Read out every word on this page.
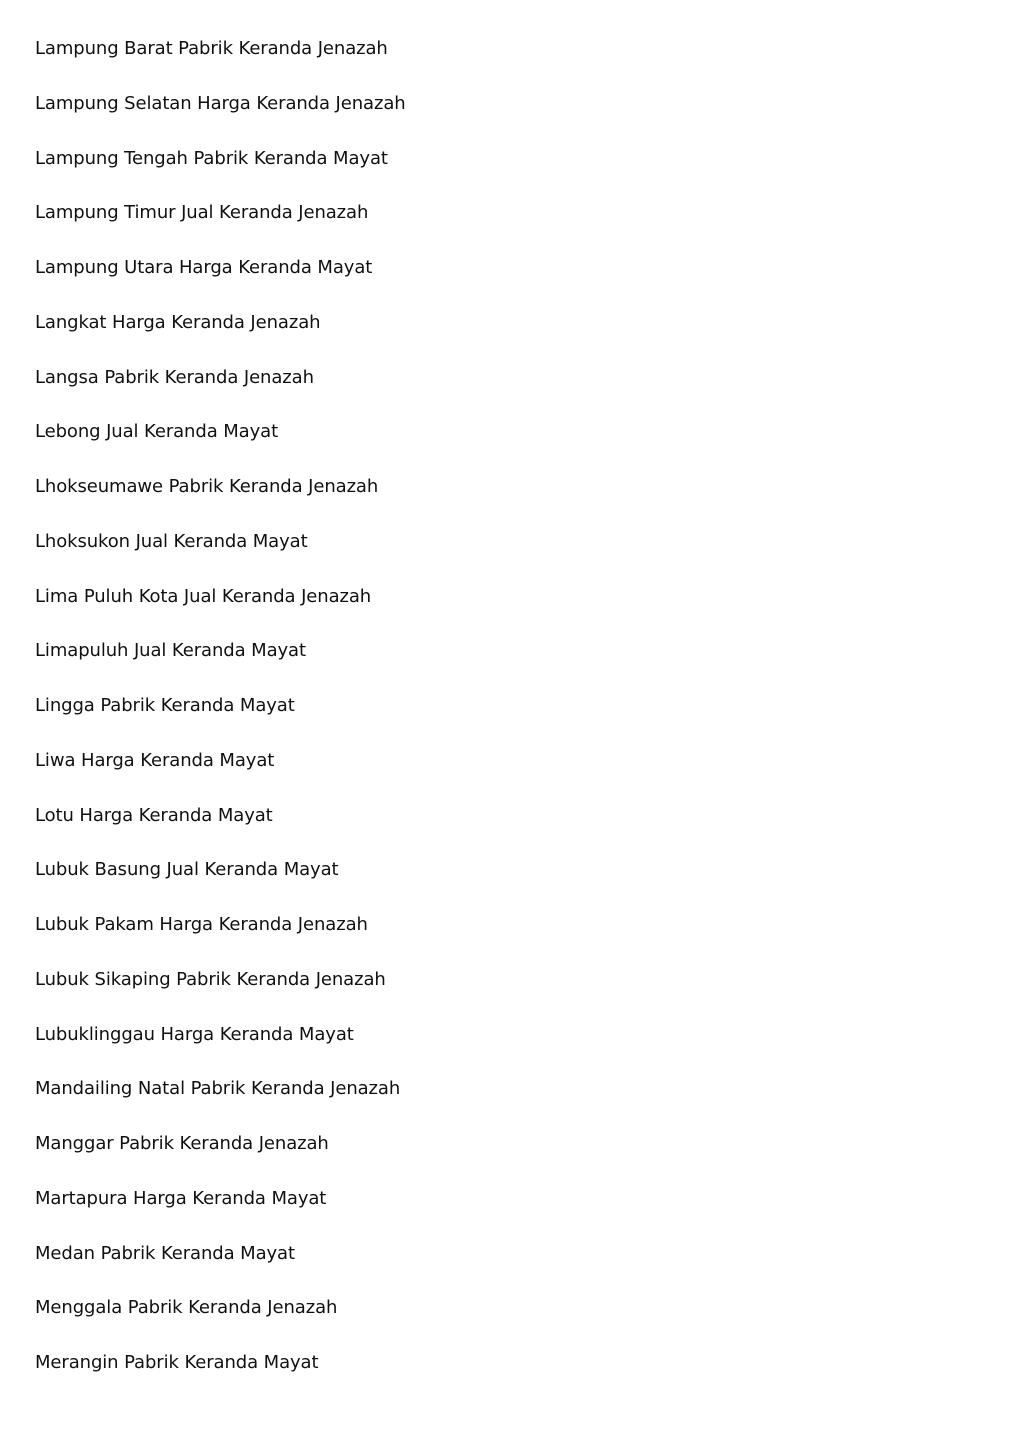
Lampung Barat Pabrik Keranda Jenazah
Lampung Selatan Harga Keranda Jenazah
Lampung Tengah Pabrik Keranda Mayat
Lampung Timur Jual Keranda Jenazah
Lampung Utara Harga Keranda Mayat
Langkat Harga Keranda Jenazah
Langsa Pabrik Keranda Jenazah
Lebong Jual Keranda Mayat
Lhokseumawe Pabrik Keranda Jenazah
Lhoksukon Jual Keranda Mayat
Lima Puluh Kota Jual Keranda Jenazah
Limapuluh Jual Keranda Mayat
Lingga Pabrik Keranda Mayat
Liwa Harga Keranda Mayat
Lotu Harga Keranda Mayat
Lubuk Basung Jual Keranda Mayat
Lubuk Pakam Harga Keranda Jenazah
Lubuk Sikaping Pabrik Keranda Jenazah
Lubuklinggau Harga Keranda Mayat
Mandailing Natal Pabrik Keranda Jenazah
Manggar Pabrik Keranda Jenazah
Martapura Harga Keranda Mayat
Medan Pabrik Keranda Mayat
Menggala Pabrik Keranda Jenazah
Merangin Pabrik Keranda Mayat
